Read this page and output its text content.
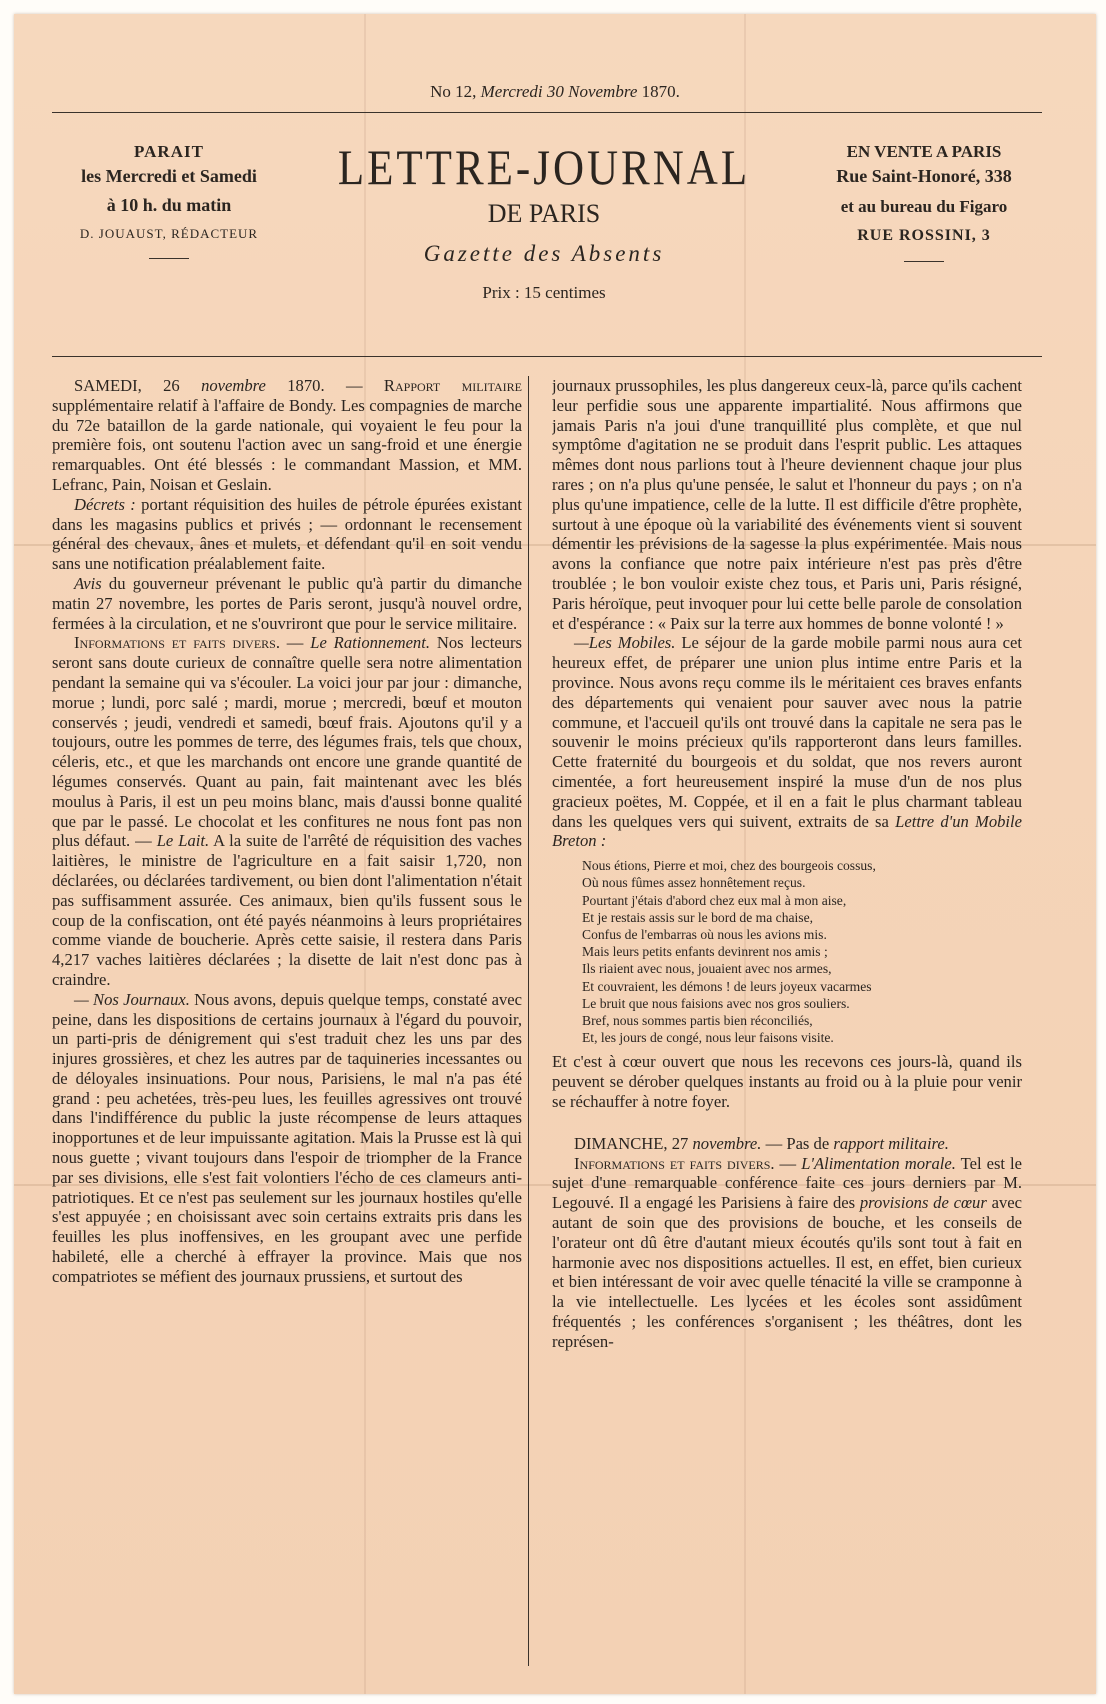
No 12, Mercredi 30 Novembre 1870.
PARAIT
les Mercredi et Samedi
à 10 h. du matin
D. JOUAUST, RÉDACTEUR
LETTRE-JOURNAL
DE PARIS
Gazette des Absents
Prix : 15 centimes
EN VENTE A PARIS
Rue Saint-Honoré, 338
et au bureau du Figaro
RUE ROSSINI, 3

SAMEDI, 26 novembre 1870. — Rapport militaire supplémentaire relatif à l'affaire de Bondy. Les compagnies de marche du 72e bataillon de la garde nationale, qui voyaient le feu pour la première fois, ont soutenu l'action avec un sang-froid et une énergie remarquables. Ont été blessés : le commandant Massion, et MM. Lefranc, Pain, Noisan et Geslain.

Décrets : portant réquisition des huiles de pétrole épurées existant dans les magasins publics et privés ; — ordonnant le recensement général des chevaux, ânes et mulets, et défendant qu'il en soit vendu sans une notification préalablement faite.

Avis du gouverneur prévenant le public qu'à partir du dimanche matin 27 novembre, les portes de Paris seront, jusqu'à nouvel ordre, fermées à la circulation, et ne s'ouvriront que pour le service militaire.

Informations et faits divers. — Le Rationnement. Nos lecteurs seront sans doute curieux de connaître quelle sera notre alimentation pendant la semaine qui va s'écouler. La voici jour par jour : dimanche, morue ; lundi, porc salé ; mardi, morue ; mercredi, bœuf et mouton conservés ; jeudi, vendredi et samedi, bœuf frais. Ajoutons qu'il y a toujours, outre les pommes de terre, des légumes frais, tels que choux, céleris, etc., et que les marchands ont encore une grande quantité de légumes conservés. Quant au pain, fait maintenant avec les blés moulus à Paris, il est un peu moins blanc, mais d'aussi bonne qualité que par le passé. Le chocolat et les confitures ne nous font pas non plus défaut. — Le Lait. A la suite de l'arrêté de réquisition des vaches laitières, le ministre de l'agriculture en a fait saisir 1,720, non déclarées, ou déclarées tardivement, ou bien dont l'alimentation n'était pas suffisamment assurée. Ces animaux, bien qu'ils fussent sous le coup de la confiscation, ont été payés néanmoins à leurs propriétaires comme viande de boucherie. Après cette saisie, il restera dans Paris 4,217 vaches laitières déclarées ; la disette de lait n'est donc pas à craindre.

— Nos Journaux. Nous avons, depuis quelque temps, constaté avec peine, dans les dispositions de certains journaux à l'égard du pouvoir, un parti-pris de dénigrement qui s'est traduit chez les uns par des injures grossières, et chez les autres par de taquineries incessantes ou de déloyales insinuations. Pour nous, Parisiens, le mal n'a pas été grand : peu achetées, très-peu lues, les feuilles agressives ont trouvé dans l'indifférence du public la juste récompense de leurs attaques inopportunes et de leur impuissante agitation. Mais la Prusse est là qui nous guette ; vivant toujours dans l'espoir de triompher de la France par ses divisions, elle s'est fait volontiers l'écho de ces clameurs anti-patriotiques. Et ce n'est pas seulement sur les journaux hostiles qu'elle s'est appuyée ; en choisissant avec soin certains extraits pris dans les feuilles les plus inoffensives, en les groupant avec une perfide habileté, elle a cherché à effrayer la province. Mais que nos compatriotes se méfient des journaux prussiens, et surtout des

journaux prussophiles, les plus dangereux ceux-là, parce qu'ils cachent leur perfidie sous une apparente impartialité. Nous affirmons que jamais Paris n'a joui d'une tranquillité plus complète, et que nul symptôme d'agitation ne se produit dans l'esprit public. Les attaques mêmes dont nous parlions tout à l'heure deviennent chaque jour plus rares ; on n'a plus qu'une pensée, le salut et l'honneur du pays ; on n'a plus qu'une impatience, celle de la lutte. Il est difficile d'être prophète, surtout à une époque où la variabilité des événements vient si souvent démentir les prévisions de la sagesse la plus expérimentée. Mais nous avons la confiance que notre paix intérieure n'est pas près d'être troublée ; le bon vouloir existe chez tous, et Paris uni, Paris résigné, Paris héroïque, peut invoquer pour lui cette belle parole de consolation et d'espérance : « Paix sur la terre aux hommes de bonne volonté ! »

—Les Mobiles. Le séjour de la garde mobile parmi nous aura cet heureux effet, de préparer une union plus intime entre Paris et la province. Nous avons reçu comme ils le méritaient ces braves enfants des départements qui venaient pour sauver avec nous la patrie commune, et l'accueil qu'ils ont trouvé dans la capitale ne sera pas le souvenir le moins précieux qu'ils rapporteront dans leurs familles. Cette fraternité du bourgeois et du soldat, que nos revers auront cimentée, a fort heureusement inspiré la muse d'un de nos plus gracieux poëtes, M. Coppée, et il en a fait le plus charmant tableau dans les quelques vers qui suivent, extraits de sa Lettre d'un Mobile Breton :

Nous étions, Pierre et moi, chez des bourgeois cossus,
Où nous fûmes assez honnêtement reçus.
Pourtant j'étais d'abord chez eux mal à mon aise,
Et je restais assis sur le bord de ma chaise,
Confus de l'embarras où nous les avions mis.
Mais leurs petits enfants devinrent nos amis ;
Ils riaient avec nous, jouaient avec nos armes,
Et couvraient, les démons ! de leurs joyeux vacarmes
Le bruit que nous faisions avec nos gros souliers.
Bref, nous sommes partis bien réconciliés,
Et, les jours de congé, nous leur faisons visite.

Et c'est à cœur ouvert que nous les recevons ces jours-là, quand ils peuvent se dérober quelques instants au froid ou à la pluie pour venir se réchauffer à notre foyer.

DIMANCHE, 27 novembre. — Pas de rapport militaire.

Informations et faits divers. — L'Alimentation morale. Tel est le sujet d'une remarquable conférence faite ces jours derniers par M. Legouvé. Il a engagé les Parisiens à faire des provisions de cœur avec autant de soin que des provisions de bouche, et les conseils de l'orateur ont dû être d'autant mieux écoutés qu'ils sont tout à fait en harmonie avec nos dispositions actuelles. Il est, en effet, bien curieux et bien intéressant de voir avec quelle ténacité la ville se cramponne à la vie intellectuelle. Les lycées et les écoles sont assidûment fréquentés ; les conférences s'organisent ; les théâtres, dont les représen-
